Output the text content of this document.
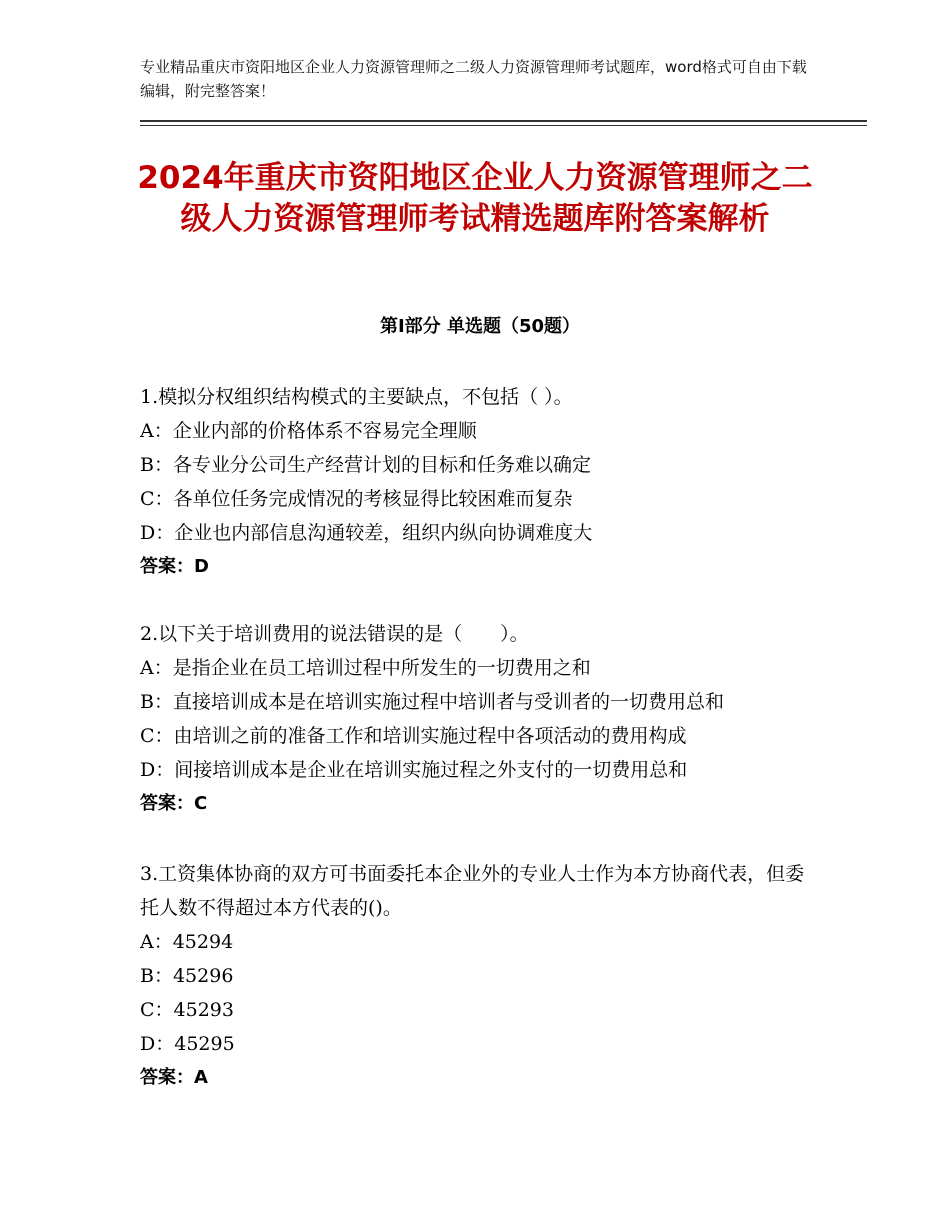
专业精品重庆市资阳地区企业人力资源管理师之二级人力资源管理师考试题库，word格式可自由下载编辑，附完整答案！
2024年重庆市资阳地区企业人力资源管理师之二级人力资源管理师考试精选题库附答案解析
第Ⅰ部分 单选题（50题）
1.模拟分权组织结构模式的主要缺点，不包括（ ）。
A：企业内部的价格体系不容易完全理顺
B：各专业分公司生产经营计划的目标和任务难以确定
C：各单位任务完成情况的考核显得比较困难而复杂
D：企业也内部信息沟通较差，组织内纵向协调难度大
答案：D
2.以下关于培训费用的说法错误的是（　　）。
A：是指企业在员工培训过程中所发生的一切费用之和
B：直接培训成本是在培训实施过程中培训者与受训者的一切费用总和
C：由培训之前的准备工作和培训实施过程中各项活动的费用构成
D：间接培训成本是企业在培训实施过程之外支付的一切费用总和
答案：C
3.工资集体协商的双方可书面委托本企业外的专业人士作为本方协商代表，但委托人数不得超过本方代表的()。
A：45294
B：45296
C：45293
D：45295
答案：A
